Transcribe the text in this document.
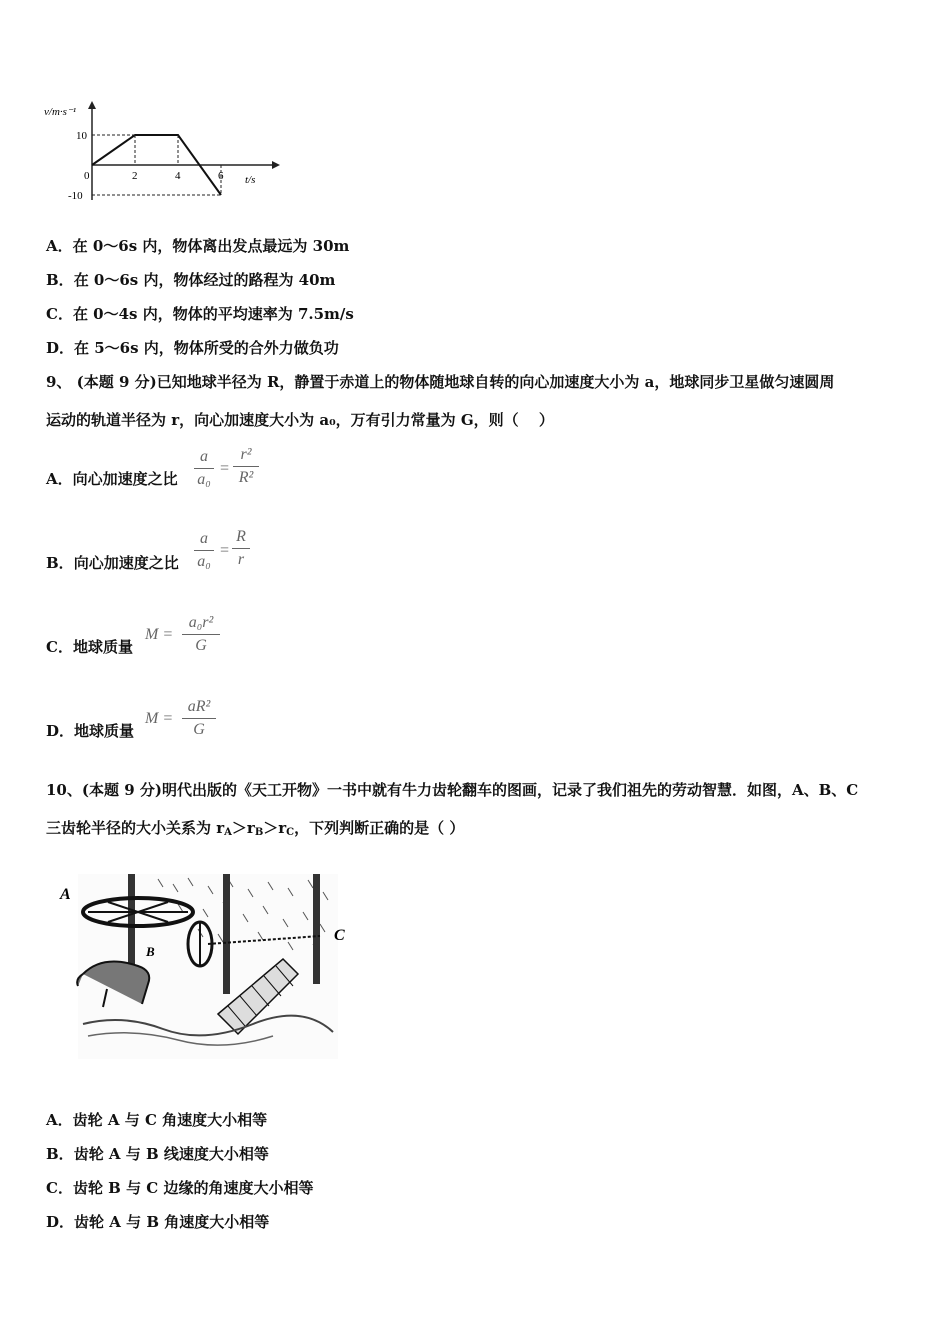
0	2	4	6
10
-10
v/m·s⁻¹
t/s
A．在 0～6s 内，物体离出发点最远为 30m
B．在 0～6s 内，物体经过的路程为 40m
C．在 0～4s 内，物体的平均速率为 7.5m/s
D．在 5～6s 内，物体所受的合外力做负功
9、 (本题 9 分)已知地球半径为 R，静置于赤道上的物体随地球自转的向心加速度大小为 a，地球同步卫星做匀速圆周
运动的轨道半径为 r，向心加速度大小为 a₀，万有引力常量为 G，则（　 ）
A．向心加速度之比
a
a₀
=
r²
R²
B．向心加速度之比
a
a₀
=
R
r
C．地球质量
M =
a₀r²
G
D．地球质量
M =
aR²
G
10、(本题 9 分)明代出版的《天工开物》一书中就有牛力齿轮翻车的图画，记录了我们祖先的劳动智慧．如图，A、B、C
三齿轮半径的大小关系为 rA＞rB＞rC，下列判断正确的是（ ）
A
B
C
A．齿轮 A 与 C 角速度大小相等
B．齿轮 A 与 B 线速度大小相等
C．齿轮 B 与 C 边缘的角速度大小相等
D．齿轮 A 与 B 角速度大小相等
